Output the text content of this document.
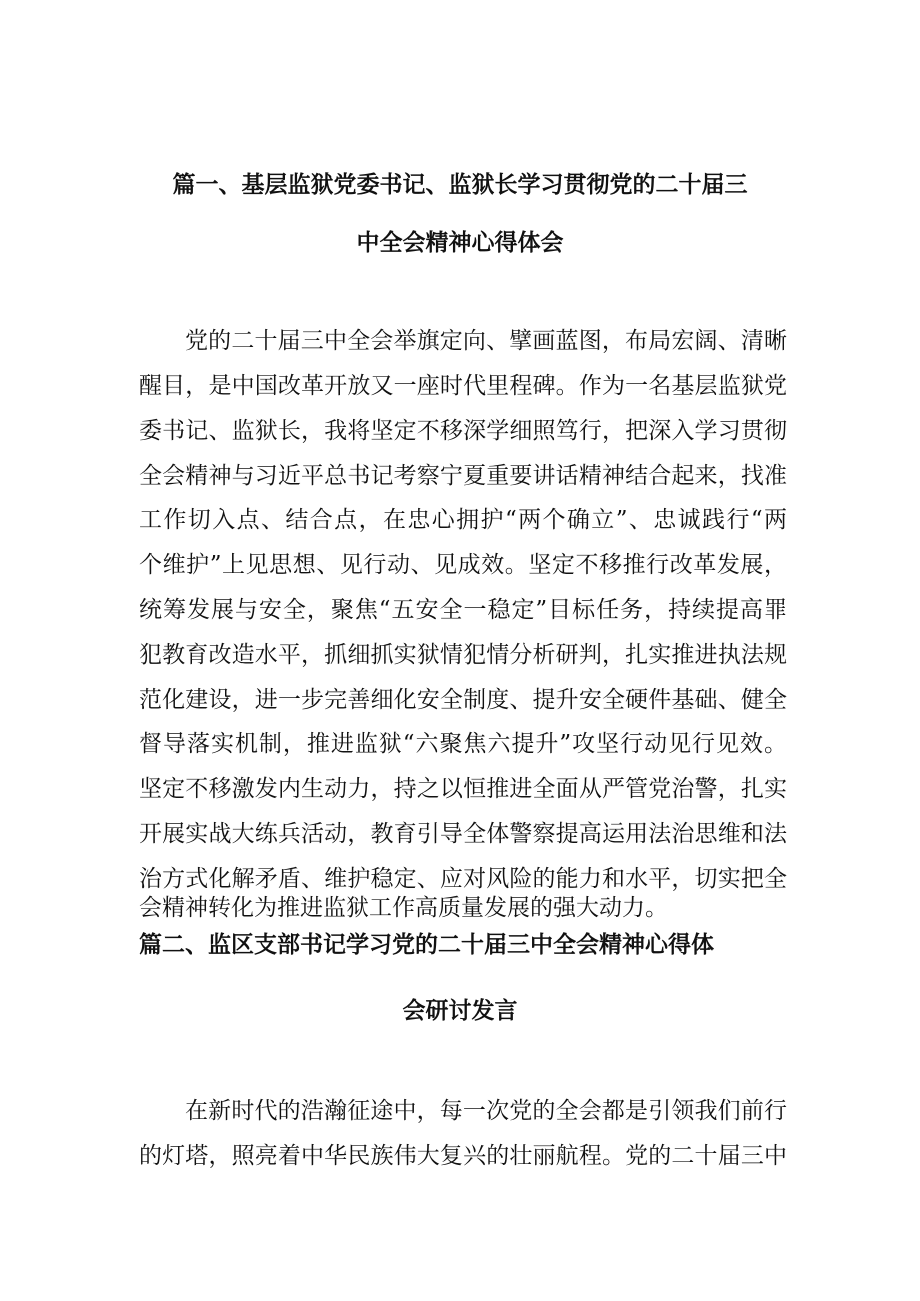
篇一、基层监狱党委书记、监狱长学习贯彻党的二十届三
中全会精神心得体会

党的二十届三中全会举旗定向、擘画蓝图，布局宏阔、清晰

醒目，是中国改革开放又一座时代里程碑。作为一名基层监狱党

委书记、监狱长，我将坚定不移深学细照笃行，把深入学习贯彻

全会精神与习近平总书记考察宁夏重要讲话精神结合起来，找准

工作切入点、结合点，在忠心拥护“两个确立”、忠诚践行“两

个维护”上见思想、见行动、见成效。坚定不移推行改革发展，

统筹发展与安全，聚焦“五安全一稳定”目标任务，持续提高罪

犯教育改造水平，抓细抓实狱情犯情分析研判，扎实推进执法规

范化建设，进一步完善细化安全制度、提升安全硬件基础、健全

督导落实机制，推进监狱“六聚焦六提升”攻坚行动见行见效。

坚定不移激发内生动力，持之以恒推进全面从严管党治警，扎实

开展实战大练兵活动，教育引导全体警察提高运用法治思维和法

治方式化解矛盾、维护稳定、应对风险的能力和水平，切实把全

会精神转化为推进监狱工作高质量发展的强大动力。

篇二、监区支部书记学习党的二十届三中全会精神心得体
会研讨发言

在新时代的浩瀚征途中，每一次党的全会都是引领我们前行

的灯塔，照亮着中华民族伟大复兴的壮丽航程。党的二十届三中
